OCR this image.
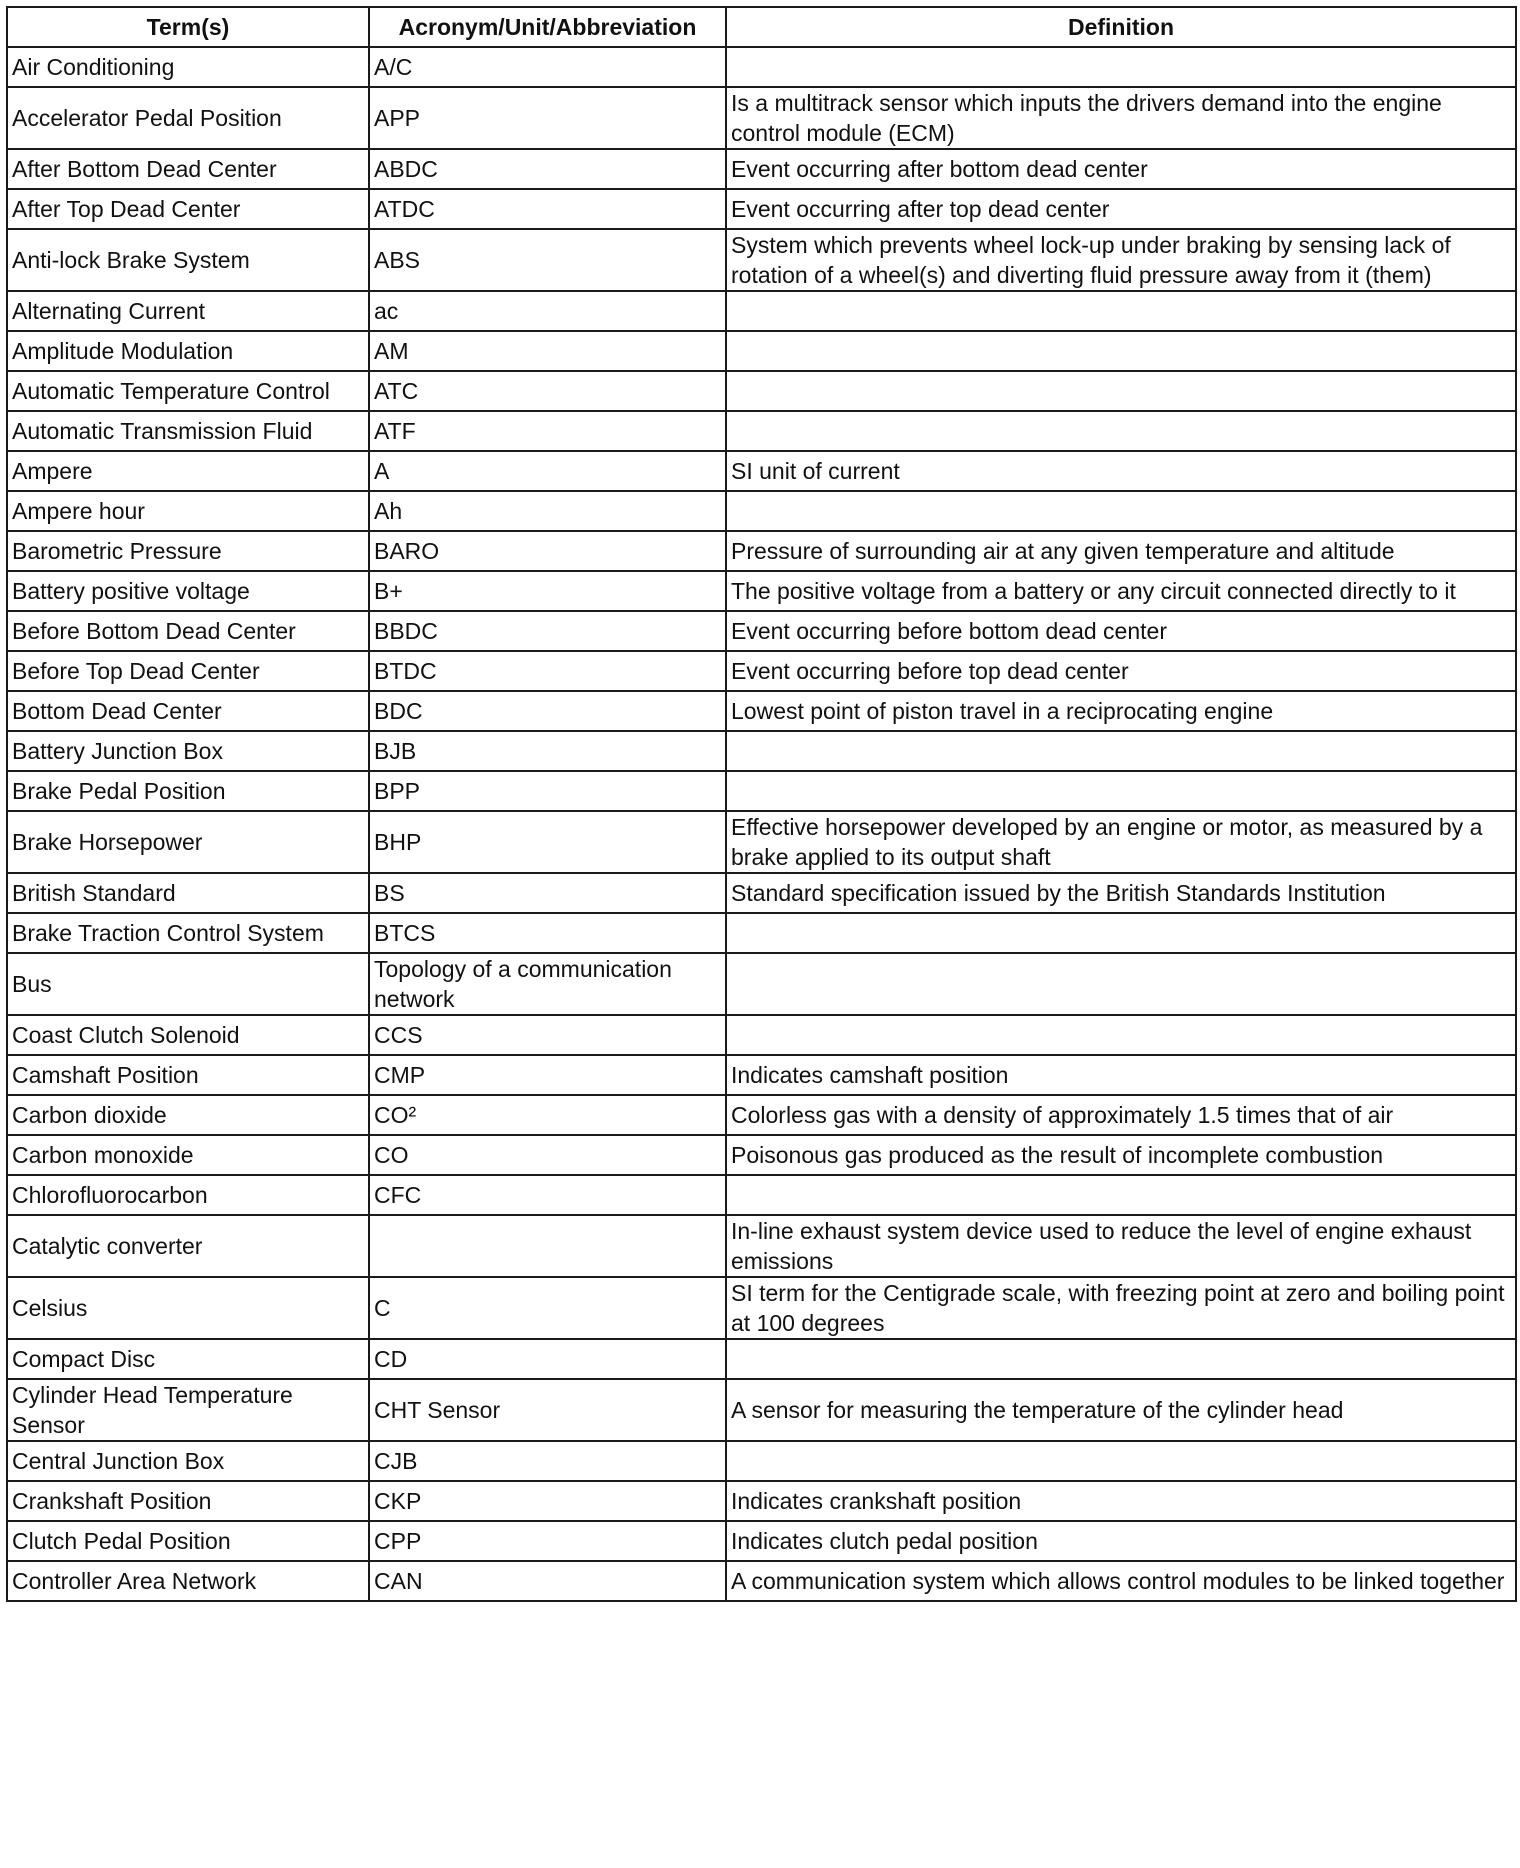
Term(s)	Acronym/Unit/Abbreviation	Definition
Air Conditioning	A/C	
Accelerator Pedal Position	APP	Is a multitrack sensor which inputs the drivers demand into the engine control module (ECM)
After Bottom Dead Center	ABDC	Event occurring after bottom dead center
After Top Dead Center	ATDC	Event occurring after top dead center
Anti-lock Brake System	ABS	System which prevents wheel lock-up under braking by sensing lack of rotation of a wheel(s) and diverting fluid pressure away from it (them)
Alternating Current	ac	
Amplitude Modulation	AM	
Automatic Temperature Control	ATC	
Automatic Transmission Fluid	ATF	
Ampere	A	SI unit of current
Ampere hour	Ah	
Barometric Pressure	BARO	Pressure of surrounding air at any given temperature and altitude
Battery positive voltage	B+	The positive voltage from a battery or any circuit connected directly to it
Before Bottom Dead Center	BBDC	Event occurring before bottom dead center
Before Top Dead Center	BTDC	Event occurring before top dead center
Bottom Dead Center	BDC	Lowest point of piston travel in a reciprocating engine
Battery Junction Box	BJB	
Brake Pedal Position	BPP	
Brake Horsepower	BHP	Effective horsepower developed by an engine or motor, as measured by a brake applied to its output shaft
British Standard	BS	Standard specification issued by the British Standards Institution
Brake Traction Control System	BTCS	
Bus	Topology of a communication network	
Coast Clutch Solenoid	CCS	
Camshaft Position	CMP	Indicates camshaft position
Carbon dioxide	CO²	Colorless gas with a density of approximately 1.5 times that of air
Carbon monoxide	CO	Poisonous gas produced as the result of incomplete combustion
Chlorofluorocarbon	CFC	
Catalytic converter		In-line exhaust system device used to reduce the level of engine exhaust emissions
Celsius	C	SI term for the Centigrade scale, with freezing point at zero and boiling point at 100 degrees
Compact Disc	CD	
Cylinder Head Temperature Sensor	CHT Sensor	A sensor for measuring the temperature of the cylinder head
Central Junction Box	CJB	
Crankshaft Position	CKP	Indicates crankshaft position
Clutch Pedal Position	CPP	Indicates clutch pedal position
Controller Area Network	CAN	A communication system which allows control modules to be linked together
